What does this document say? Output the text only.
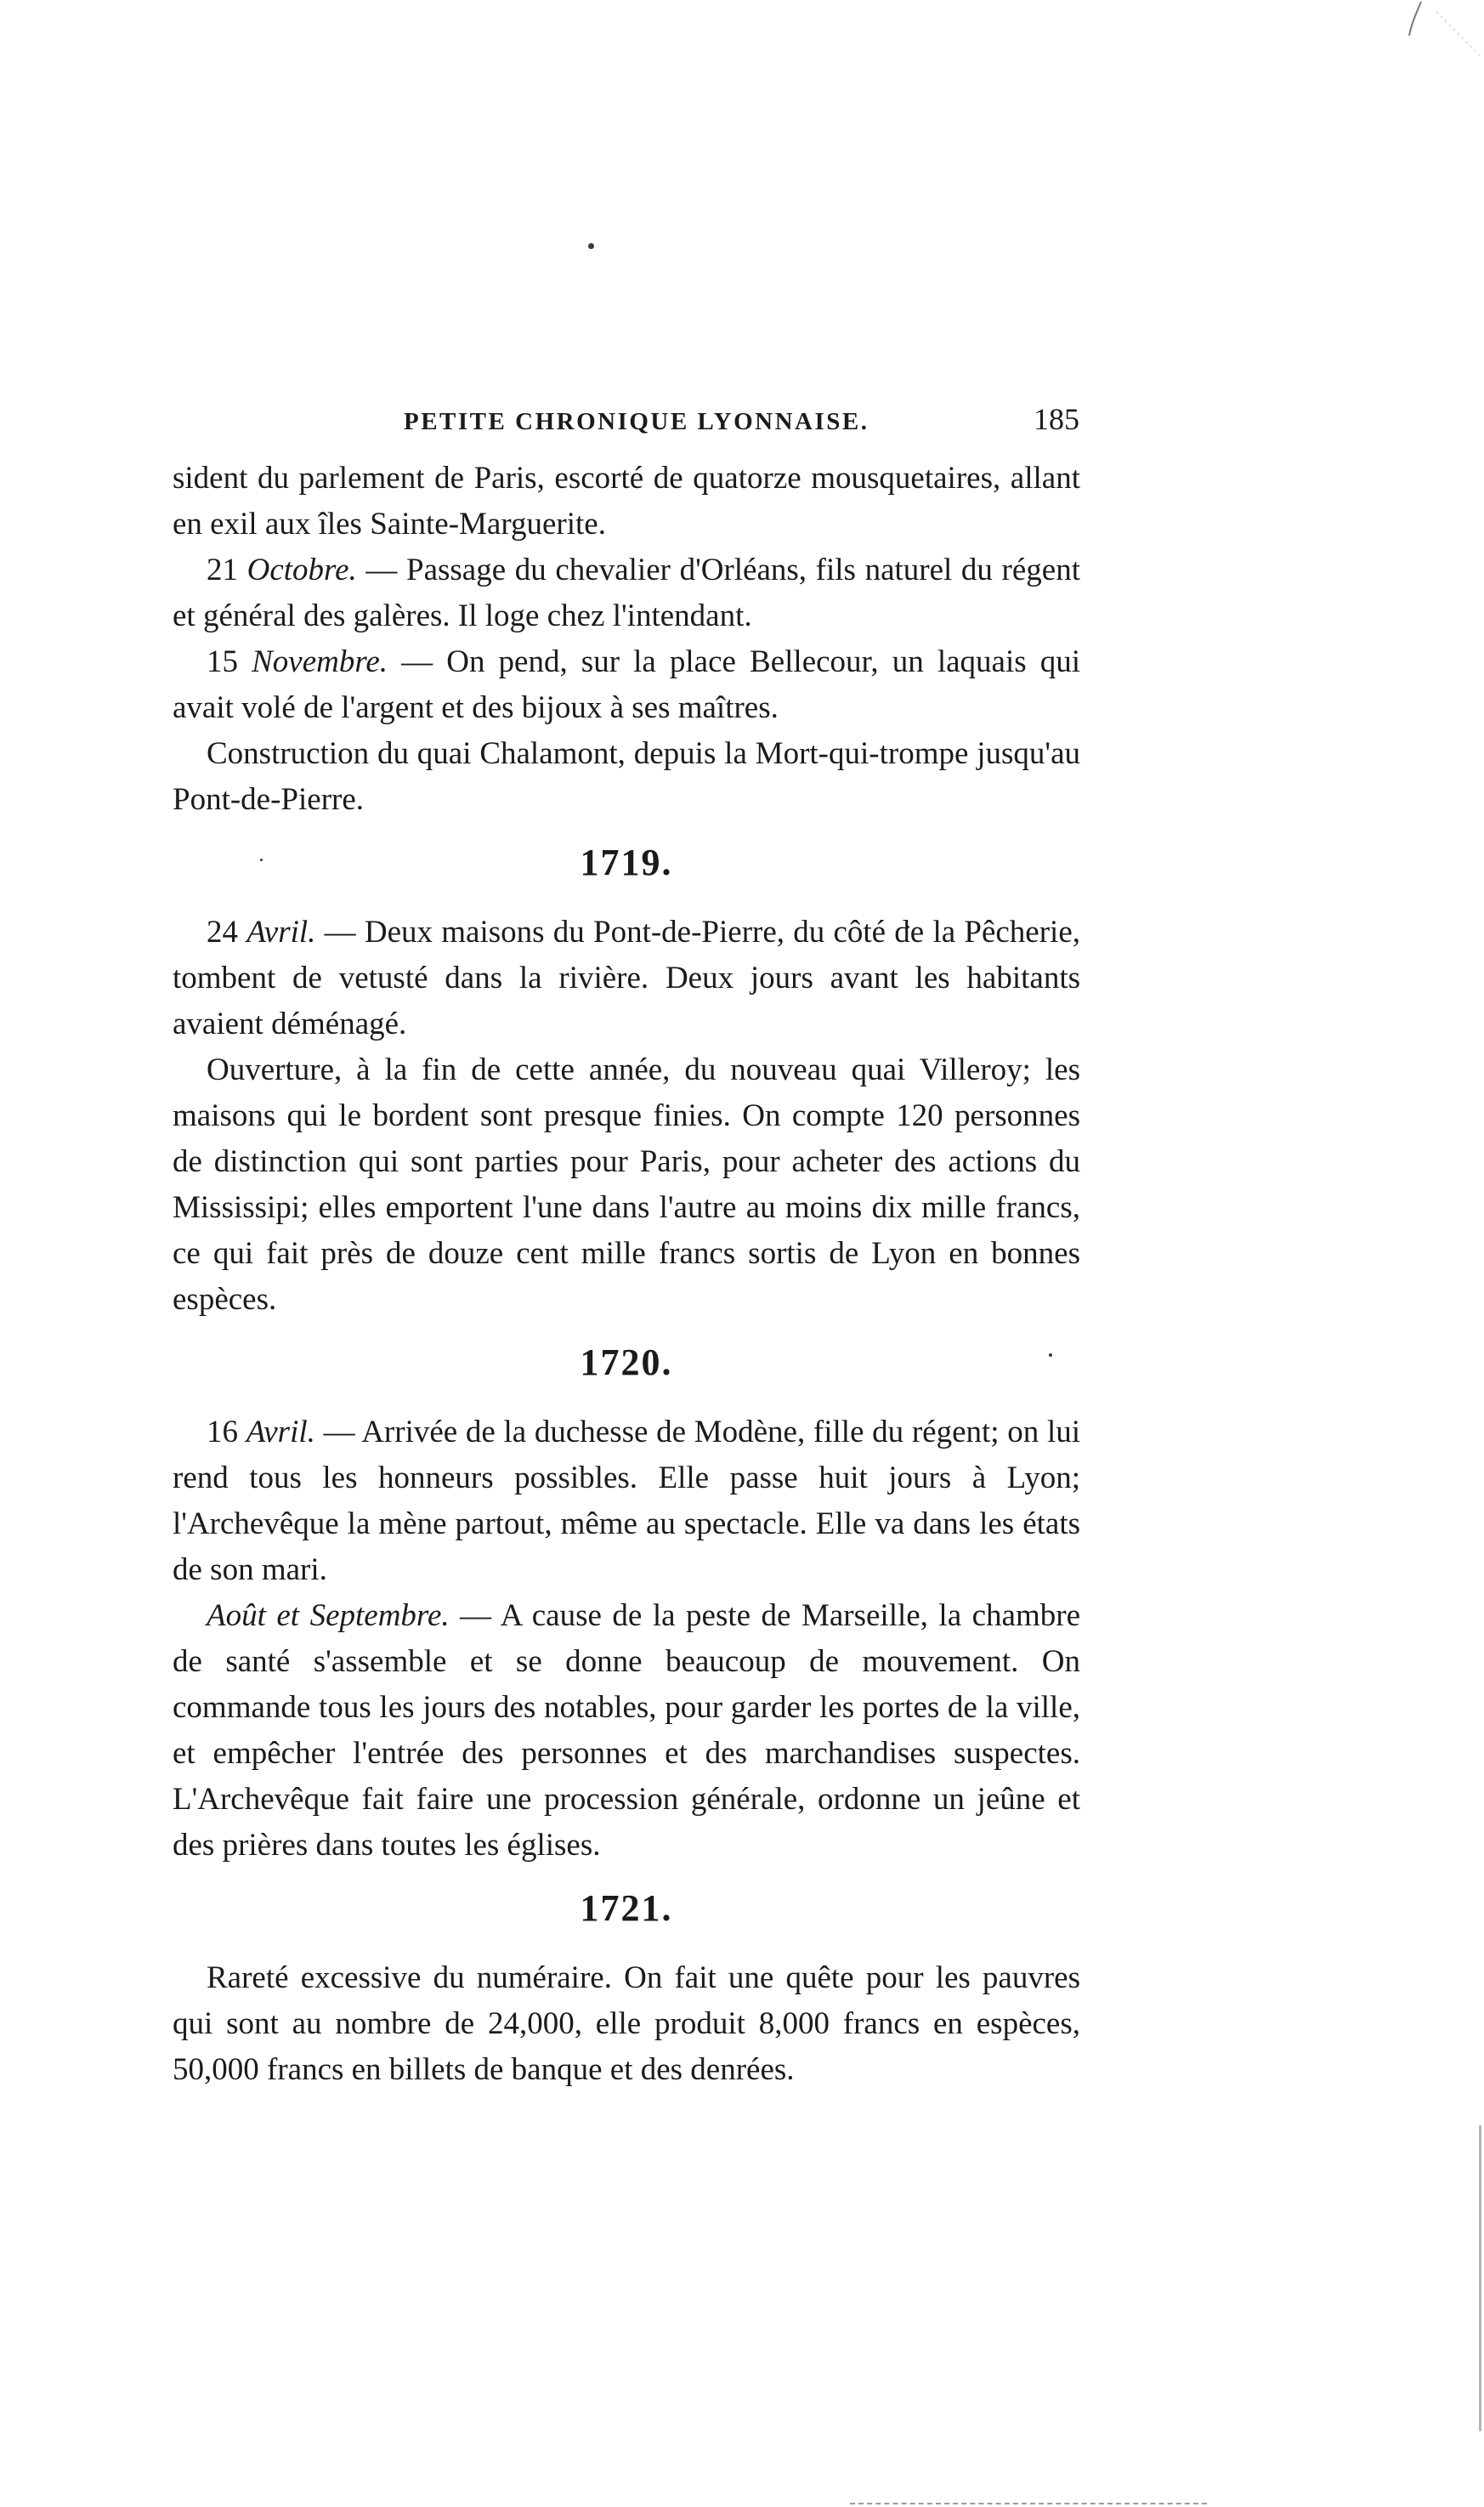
PETITE CHRONIQUE LYONNAISE.	185

sident du parlement de Paris, escorté de quatorze mousquetaires, allant en exil aux îles Sainte-Marguerite.

21 Octobre. — Passage du chevalier d'Orléans, fils naturel du régent et général des galères. Il loge chez l'intendant.

15 Novembre. — On pend, sur la place Bellecour, un laquais qui avait volé de l'argent et des bijoux à ses maîtres.

Construction du quai Chalamont, depuis la Mort-qui-trompe jusqu'au Pont-de-Pierre.

1719.

24 Avril. — Deux maisons du Pont-de-Pierre, du côté de la Pêcherie, tombent de vetusté dans la rivière. Deux jours avant les habitants avaient déménagé.

Ouverture, à la fin de cette année, du nouveau quai Villeroy; les maisons qui le bordent sont presque finies. On compte 120 personnes de distinction qui sont parties pour Paris, pour acheter des actions du Mississipi; elles emportent l'une dans l'autre au moins dix mille francs, ce qui fait près de douze cent mille francs sortis de Lyon en bonnes espèces.

1720.

16 Avril. — Arrivée de la duchesse de Modène, fille du régent; on lui rend tous les honneurs possibles. Elle passe huit jours à Lyon; l'Archevêque la mène partout, même au spectacle. Elle va dans les états de son mari.

Août et Septembre. — A cause de la peste de Marseille, la chambre de santé s'assemble et se donne beaucoup de mouvement. On commande tous les jours des notables, pour garder les portes de la ville, et empêcher l'entrée des personnes et des marchandises suspectes. L'Archevêque fait faire une procession générale, ordonne un jeûne et des prières dans toutes les églises.

1721.

Rareté excessive du numéraire. On fait une quête pour les pauvres qui sont au nombre de 24,000, elle produit 8,000 francs en espèces, 50,000 francs en billets de banque et des denrées.
